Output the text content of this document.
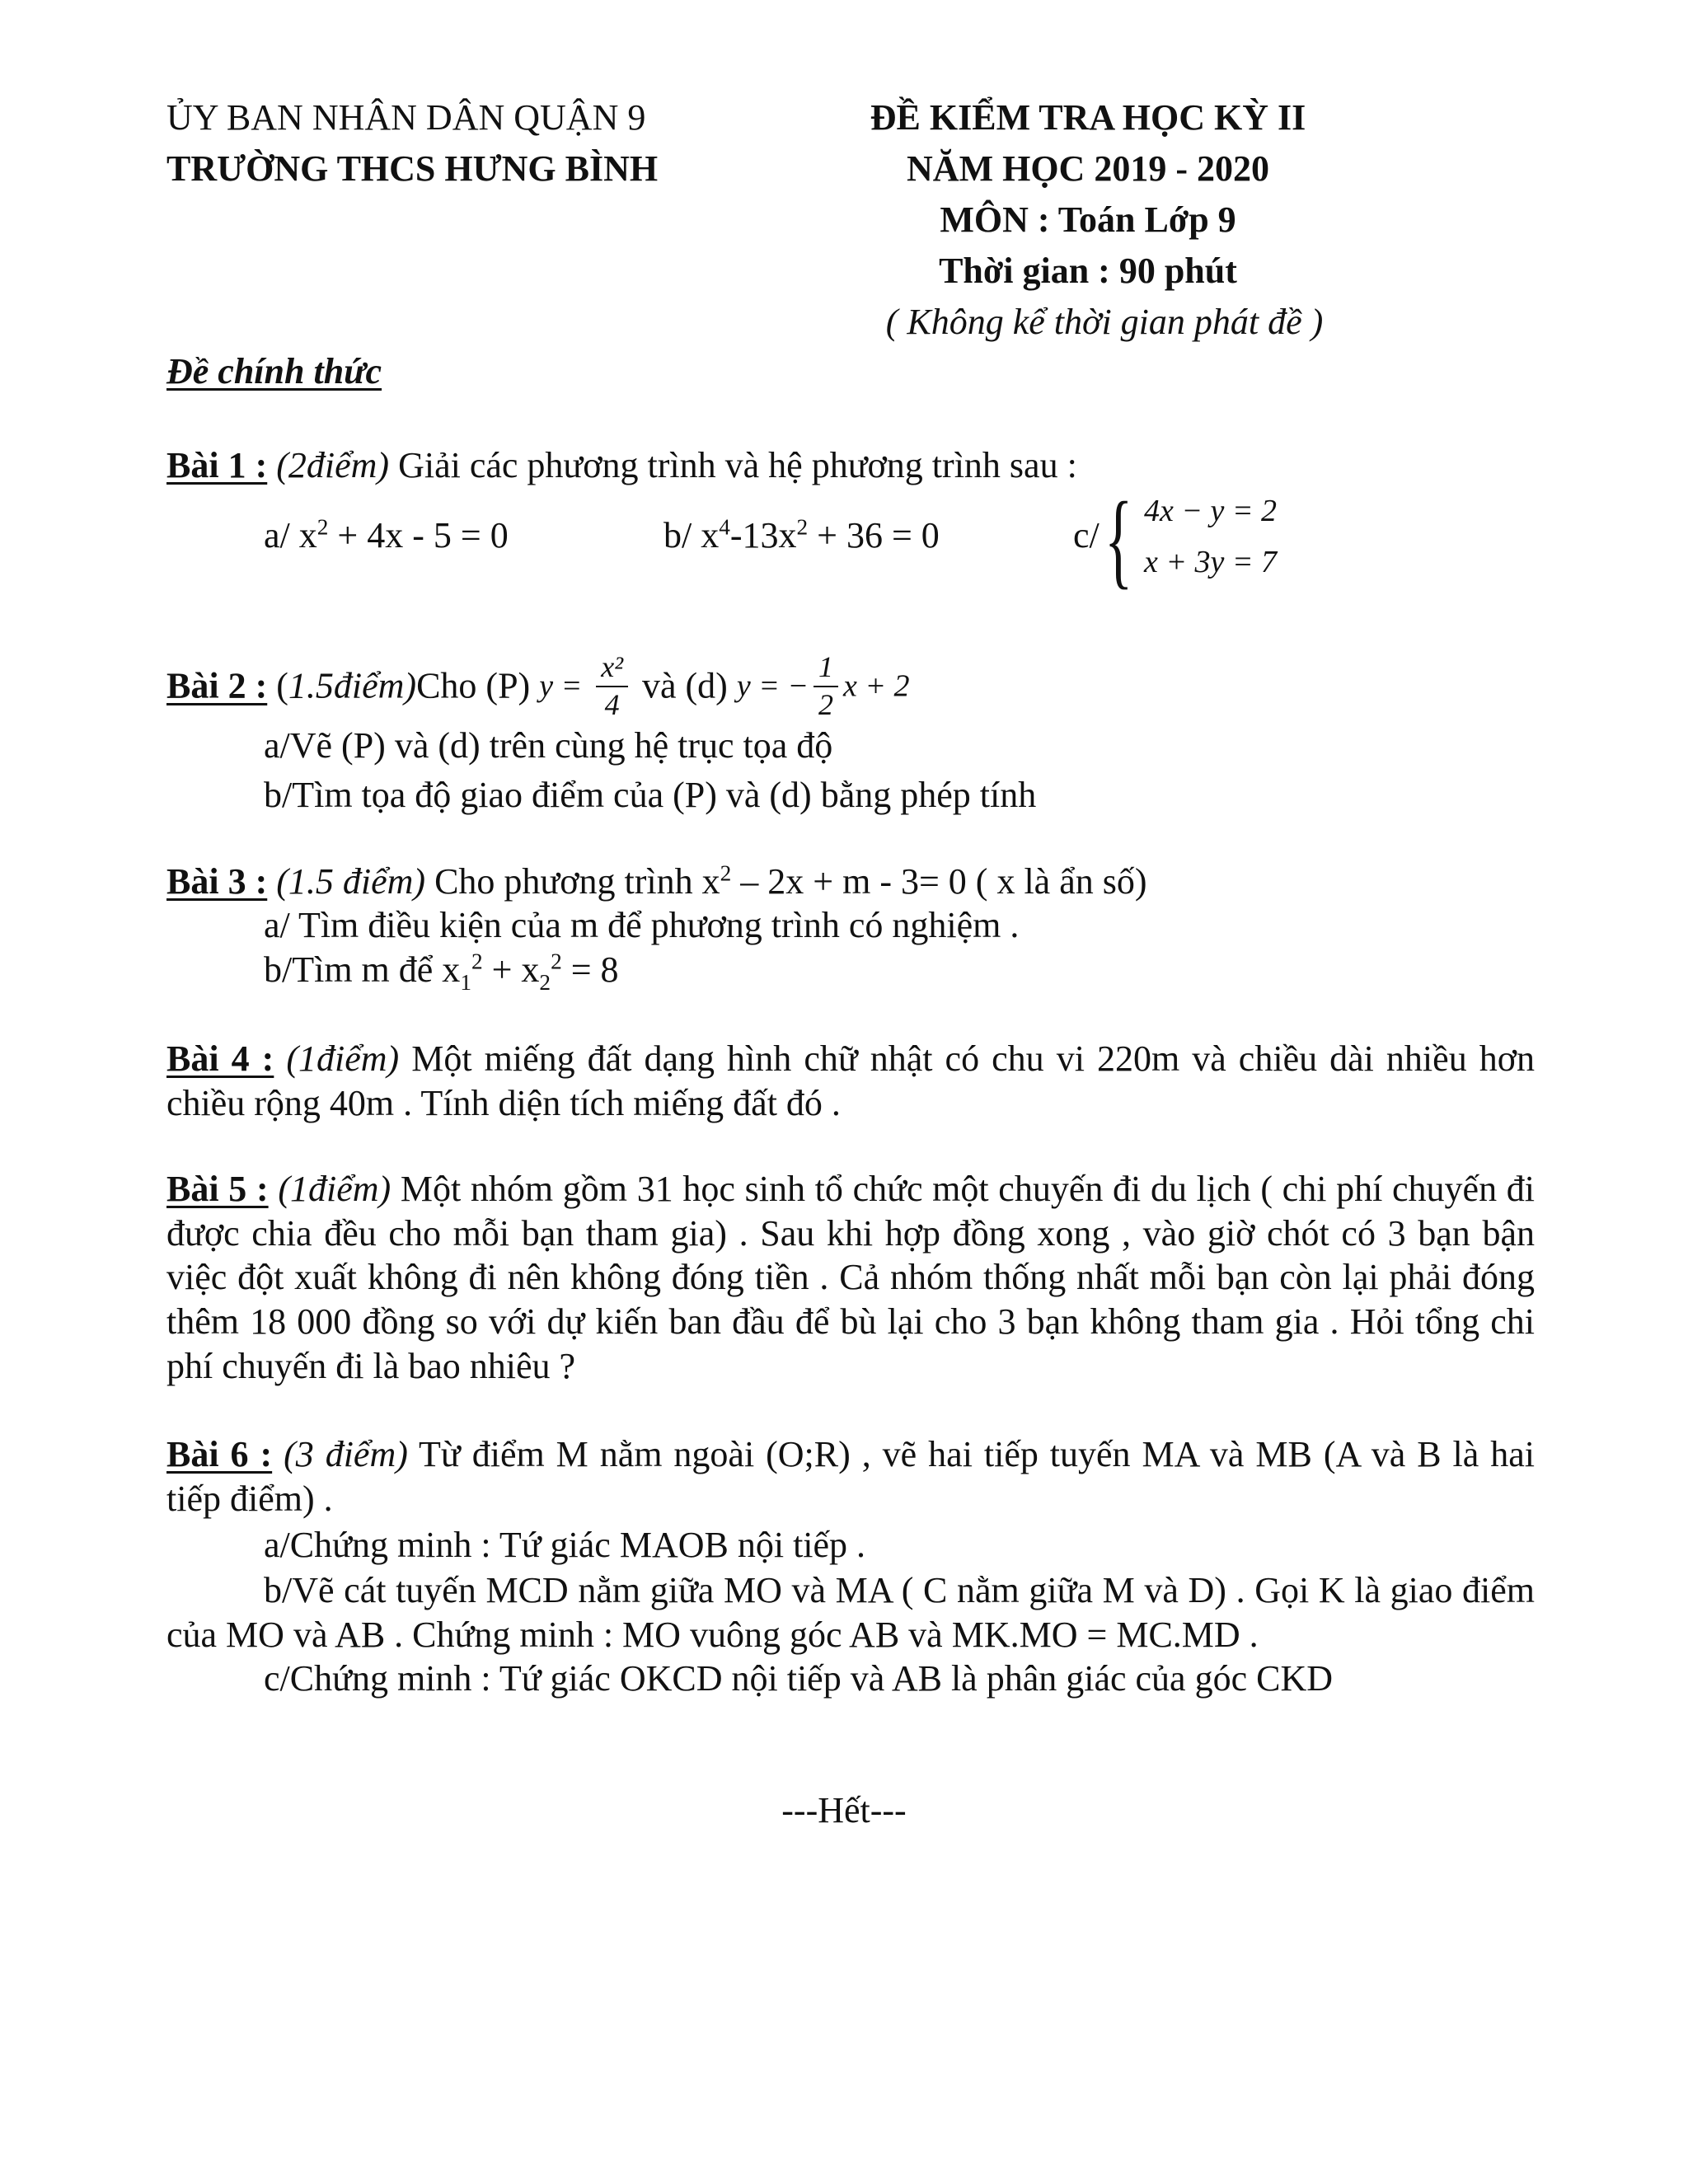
ỦY BAN NHÂN DÂN QUẬN 9
TRƯỜNG THCS HƯNG BÌNH
ĐỀ KIỂM TRA HỌC KỲ II
NĂM HỌC 2019 - 2020
MÔN : Toán Lớp 9
Thời gian : 90 phút
( Không kể thời gian phát đề )
Đề chính thức
Bài 1 : (2điểm) Giải các phương trình và hệ phương trình sau :
a/ $x^2 + 4x - 5 = 0$	b/ $x^4-13x^2 + 36 = 0$	c/ { 4x − y = 2
x + 3y = 7
Bài 2 : (1.5điểm)Cho (P) $y = \frac{\text{x²}}{4}$ và (d) y = − $\frac{1}{2}$ x + 2
a/Vẽ (P) và (d) trên cùng hệ trục tọa độ
b/Tìm tọa độ giao điểm của (P) và (d) bằng phép tính
Bài 3 : (1.5 điểm) Cho phương trình $x^2 - 2x + m - 3= 0$ ( x là ẩn số)
a/ Tìm điều kiện của m để phương trình có nghiệm .
b/Tìm m để $x_1^2 + x_2^2 = 8$
Bài 4 : (1điểm) Một miếng đất dạng hình chữ nhật có chu vi 220m và chiều dài nhiều hơn chiều rộng 40m . Tính diện tích miếng đất đó .
Bài 5 : (1điểm) Một nhóm gồm 31 học sinh tổ chức một chuyến đi du lịch ( chi phí chuyến đi được chia đều cho mỗi bạn tham gia) . Sau khi hợp đồng xong , vào giờ chót có 3 bạn bận việc đột xuất không đi nên không đóng tiền . Cả nhóm thống nhất mỗi bạn còn lại phải đóng thêm 18 000 đồng so với dự kiến ban đầu để bù lại cho 3 bạn không tham gia . Hỏi tổng chi phí chuyến đi là bao nhiêu ?
Bài 6 : (3 điểm) Từ điểm M nằm ngoài (O;R) , vẽ hai tiếp tuyến MA và MB (A và B là hai tiếp điểm) .
a/Chứng minh : Tứ giác MAOB nội tiếp .
b/Vẽ cát tuyến MCD nằm giữa MO và MA ( C nằm giữa M và D) . Gọi K là giao điểm của MO và AB . Chứng minh : MO vuông góc AB và MK.MO = MC.MD .
c/Chứng minh : Tứ giác OKCD nội tiếp và AB là phân giác của góc CKD
---Hết---
